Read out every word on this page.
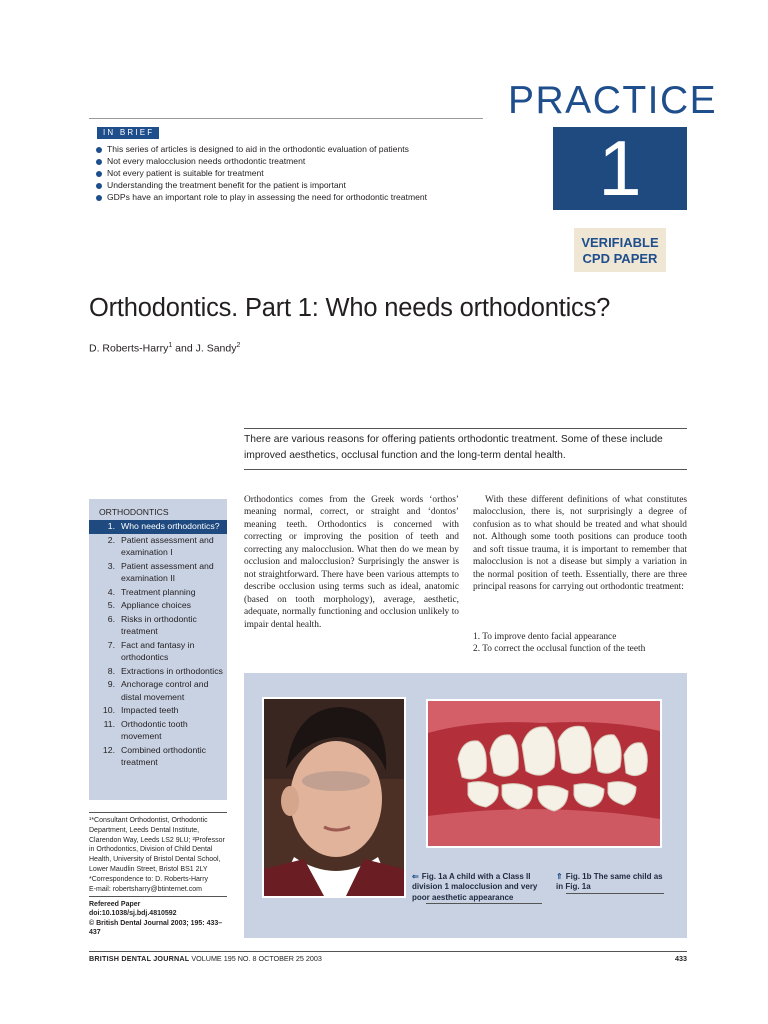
IN BRIEF
This series of articles is designed to aid in the orthodontic evaluation of patients
Not every malocclusion needs orthodontic treatment
Not every patient is suitable for treatment
Understanding the treatment benefit for the patient is important
GDPs have an important role to play in assessing the need for orthodontic treatment
PRACTICE
1
VERIFIABLE
CPD PAPER
Orthodontics. Part 1: Who needs orthodontics?
D. Roberts-Harry$^1$ and J. Sandy$^2$

There are various reasons for offering patients orthodontic treatment. Some of these include improved aesthetics, occlusal function and the long-term dental health.

ORTHODONTICS
1. Who needs orthodontics?
2. Patient assessment and examination I
3. Patient assessment and examination II
4. Treatment planning
5. Appliance choices
6. Risks in orthodontic treatment
7. Fact and fantasy in orthodontics
8. Extractions in orthodontics
9. Anchorage control and distal movement
10. Impacted teeth
11. Orthodontic tooth movement
12. Combined orthodontic treatment

Orthodontics comes from the Greek words ‘orthos’ meaning normal, correct, or straight and ‘dontos’ meaning teeth. Orthodontics is concerned with correcting or improving the position of teeth and correcting any malocclusion. What then do we mean by occlusion and malocclusion? Surprisingly the answer is not straightforward. There have been various attempts to describe occlusion using terms such as ideal, anatomic (based on tooth morphology), average, aesthetic, adequate, normally functioning and occlusion unlikely to impair dental health.

With these different definitions of what constitutes malocclusion, there is, not surprisingly a degree of confusion as to what should be treated and what should not. Although some tooth positions can produce tooth and soft tissue trauma, it is important to remember that malocclusion is not a disease but simply a variation in the normal position of teeth. Essentially, there are three principal reasons for carrying out orthodontic treatment:

1. To improve dento facial appearance
2. To correct the occlusal function of the teeth
¹*Consultant Orthodontist, Orthodontic Department, Leeds Dental Institute, Clarendon Way, Leeds LS2 9LU; ²Professor in Orthodontics, Division of Child Dental Health, University of Bristol Dental School, Lower Maudlin Street, Bristol BS1 2LY
*Correspondence to: D. Roberts-Harry
E-mail: robertsharry@btinternet.com
Refereed Paper
doi:10.1038/sj.bdj.4810592
© British Dental Journal 2003; 195: 433–437
⇐ Fig. 1a A child with a Class II division 1 malocclusion and very poor aesthetic appearance
⇑ Fig. 1b The same child as in Fig. 1a
BRITISH DENTAL JOURNAL VOLUME 195 NO. 8 OCTOBER 25 2003	433
